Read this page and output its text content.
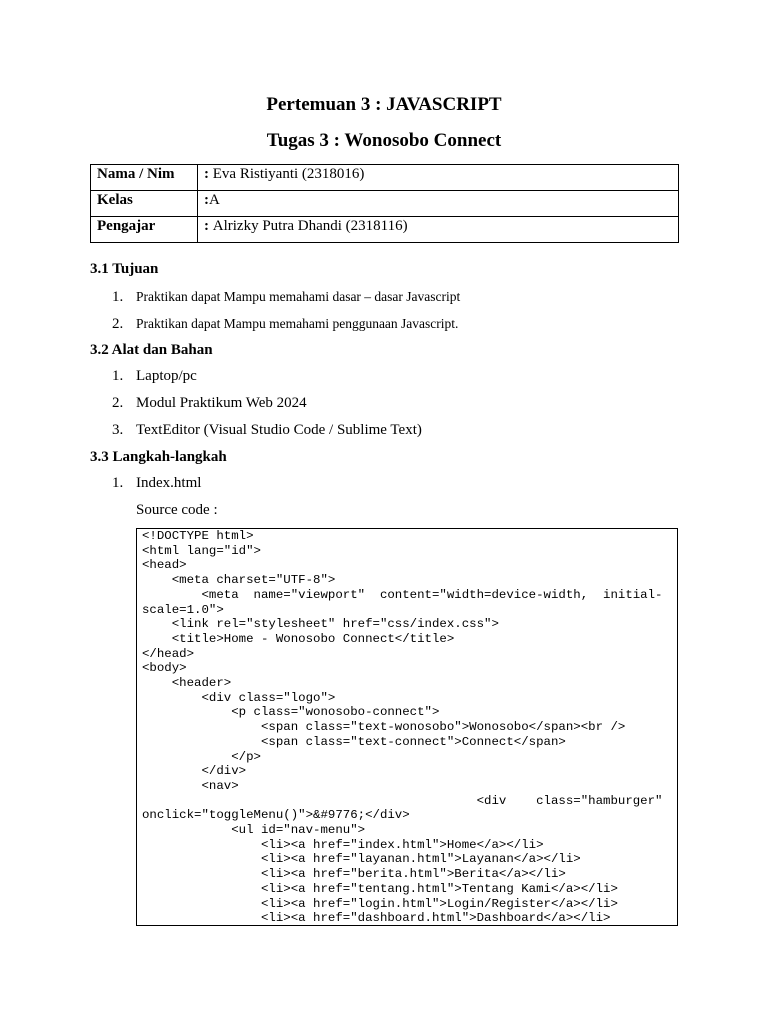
Pertemuan 3 : JAVASCRIPT
Tugas 3 : Wonosobo Connect
Nama / Nim	: Eva Ristiyanti (2318016)
Kelas	:A
Pengajar	: Alrizky Putra Dhandi (2318116)
3.1 Tujuan
1. Praktikan dapat Mampu memahami dasar – dasar Javascript
2. Praktikan dapat Mampu memahami penggunaan Javascript.
3.2 Alat dan Bahan
1. Laptop/pc
2. Modul Praktikum Web 2024
3. TextEditor (Visual Studio Code / Sublime Text)
3.3 Langkah-langkah
1. Index.html
Source code :
<!DOCTYPE html>
<html lang="id">
<head>
<meta charset="UTF-8">
<meta  name="viewport"  content="width=device-width,  initial-
scale=1.0">
<link rel="stylesheet" href="css/index.css">
<title>Home - Wonosobo Connect</title>
</head>
<body>
<header>
<div class="logo">
<p class="wonosobo-connect">
<span class="text-wonosobo">Wonosobo</span><br />
<span class="text-connect">Connect</span>
</p>
</div>
<nav>
<div    class="hamburger"
onclick="toggleMenu()">&#9776;</div>
<ul id="nav-menu">
<li><a href="index.html">Home</a></li>
<li><a href="layanan.html">Layanan</a></li>
<li><a href="berita.html">Berita</a></li>
<li><a href="tentang.html">Tentang Kami</a></li>
<li><a href="login.html">Login/Register</a></li>
<li><a href="dashboard.html">Dashboard</a></li>
